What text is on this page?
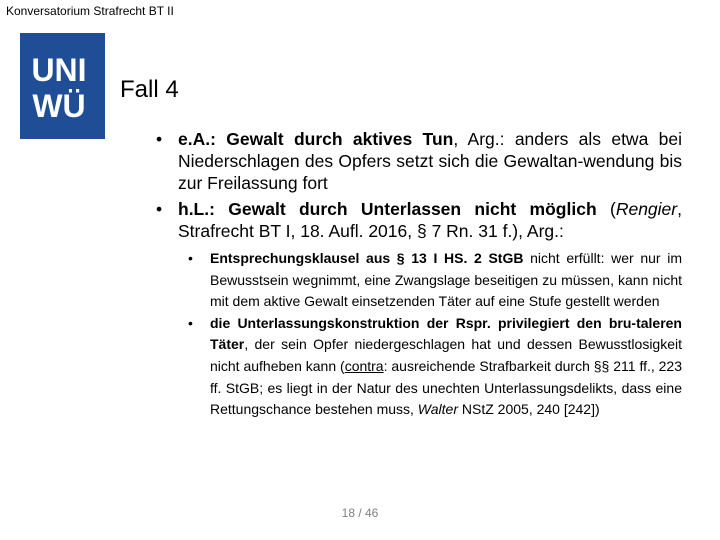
Konversatorium Strafrecht BT II
UNI
WÜ Fall 4
• e.A.: Gewalt durch aktives Tun, Arg.: anders als etwa bei Niederschlagen des Opfers setzt sich die Gewaltan-wendung bis zur Freilassung fort
• h.L.: Gewalt durch Unterlassen nicht möglich (Rengier, Strafrecht BT I, 18. Aufl. 2016, § 7 Rn. 31 f.), Arg.:
• Entsprechungsklausel aus § 13 I HS. 2 StGB nicht erfüllt: wer nur im Bewusstsein wegnimmt, eine Zwangslage beseitigen zu müssen, kann nicht mit dem aktive Gewalt einsetzenden Täter auf eine Stufe gestellt werden
• die Unterlassungskonstruktion der Rspr. privilegiert den bru-taleren Täter, der sein Opfer niedergeschlagen hat und dessen Bewusstlosigkeit nicht aufheben kann (contra: ausreichende Strafbarkeit durch §§ 211 ff., 223 ff. StGB; es liegt in der Natur des unechten Unterlassungsdelikts, dass eine Rettungschance bestehen muss, Walter NStZ 2005, 240 [242])
18 / 46
